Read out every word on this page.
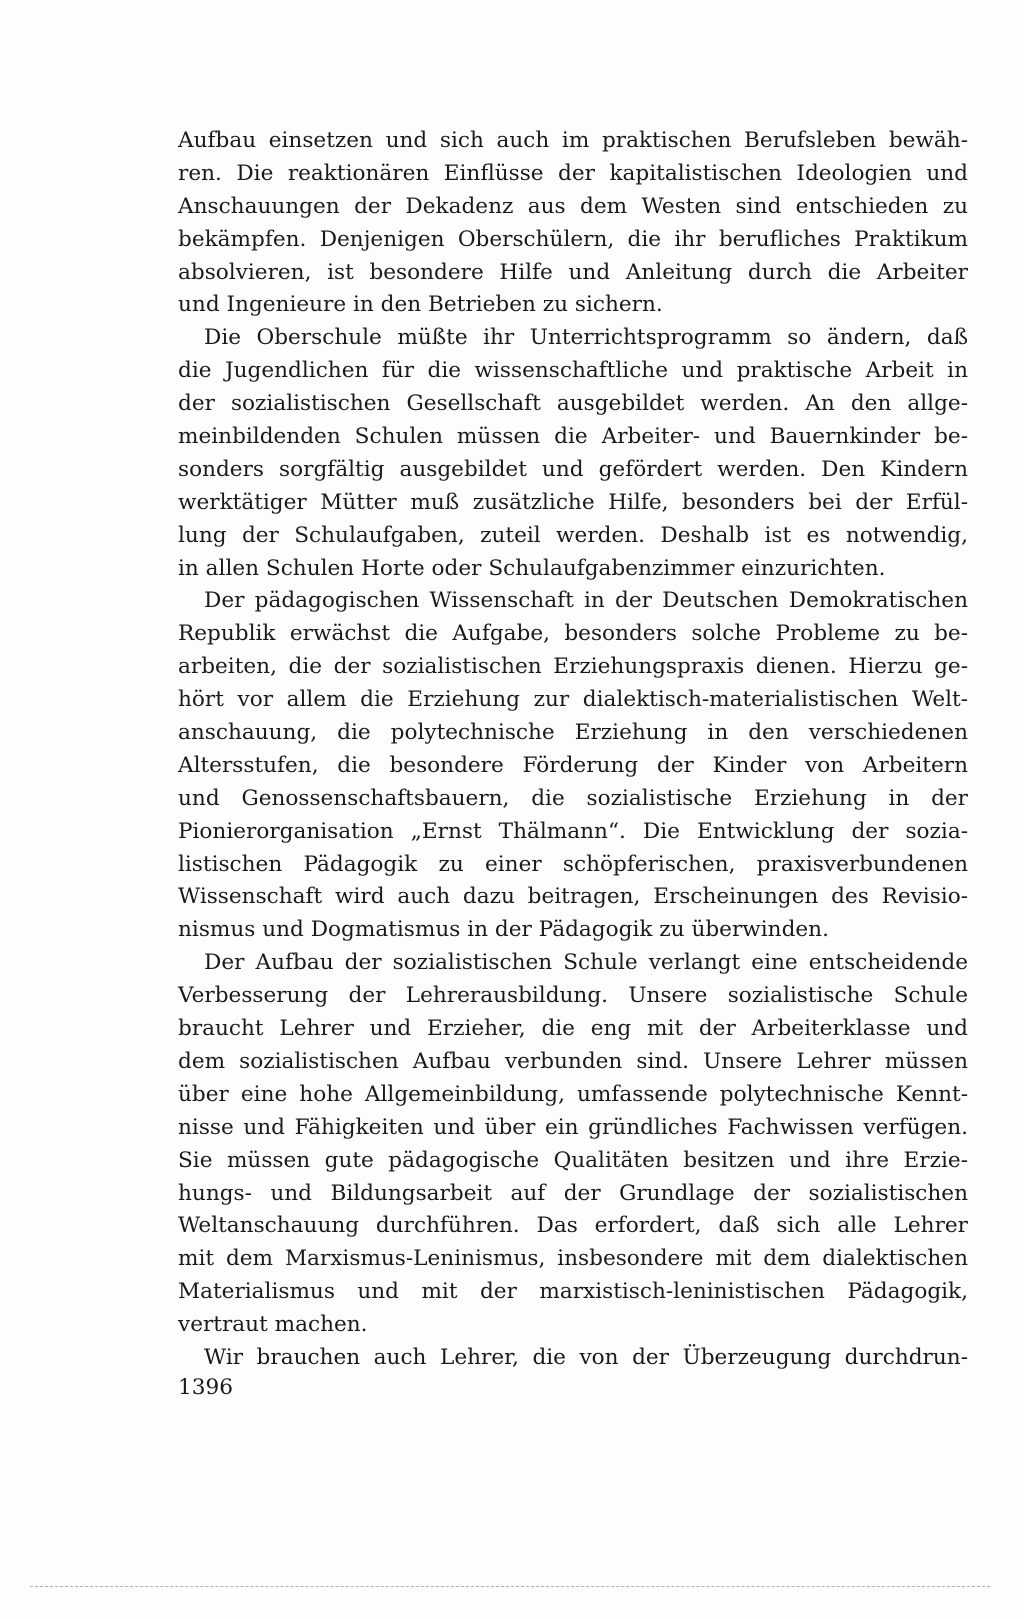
Aufbau einsetzen und sich auch im praktischen Berufsleben bewäh-
ren. Die reaktionären Einflüsse der kapitalistischen Ideologien und
Anschauungen der Dekadenz aus dem Westen sind entschieden zu
bekämpfen. Denjenigen Oberschülern, die ihr berufliches Praktikum
absolvieren, ist besondere Hilfe und Anleitung durch die Arbeiter
und Ingenieure in den Betrieben zu sichern.
Die Oberschule müßte ihr Unterrichtsprogramm so ändern, daß
die Jugendlichen für die wissenschaftliche und praktische Arbeit in
der sozialistischen Gesellschaft ausgebildet werden. An den allge-
meinbildenden Schulen müssen die Arbeiter- und Bauernkinder be-
sonders sorgfältig ausgebildet und gefördert werden. Den Kindern
werktätiger Mütter muß zusätzliche Hilfe, besonders bei der Erfül-
lung der Schulaufgaben, zuteil werden. Deshalb ist es notwendig,
in allen Schulen Horte oder Schulaufgabenzimmer einzurichten.
Der pädagogischen Wissenschaft in der Deutschen Demokratischen
Republik erwächst die Aufgabe, besonders solche Probleme zu be-
arbeiten, die der sozialistischen Erziehungspraxis dienen. Hierzu ge-
hört vor allem die Erziehung zur dialektisch-materialistischen Welt-
anschauung, die polytechnische Erziehung in den verschiedenen
Altersstufen, die besondere Förderung der Kinder von Arbeitern
und Genossenschaftsbauern, die sozialistische Erziehung in der
Pionierorganisation „Ernst Thälmann“. Die Entwicklung der sozia-
listischen Pädagogik zu einer schöpferischen, praxisverbundenen
Wissenschaft wird auch dazu beitragen, Erscheinungen des Revisio-
nismus und Dogmatismus in der Pädagogik zu überwinden.
Der Aufbau der sozialistischen Schule verlangt eine entscheidende
Verbesserung der Lehrerausbildung. Unsere sozialistische Schule
braucht Lehrer und Erzieher, die eng mit der Arbeiterklasse und
dem sozialistischen Aufbau verbunden sind. Unsere Lehrer müssen
über eine hohe Allgemeinbildung, umfassende polytechnische Kennt-
nisse und Fähigkeiten und über ein gründliches Fachwissen verfügen.
Sie müssen gute pädagogische Qualitäten besitzen und ihre Erzie-
hungs- und Bildungsarbeit auf der Grundlage der sozialistischen
Weltanschauung durchführen. Das erfordert, daß sich alle Lehrer
mit dem Marxismus-Leninismus, insbesondere mit dem dialektischen
Materialismus und mit der marxistisch-leninistischen Pädagogik,
vertraut machen.
Wir brauchen auch Lehrer, die von der Überzeugung durchdrun-
1396
